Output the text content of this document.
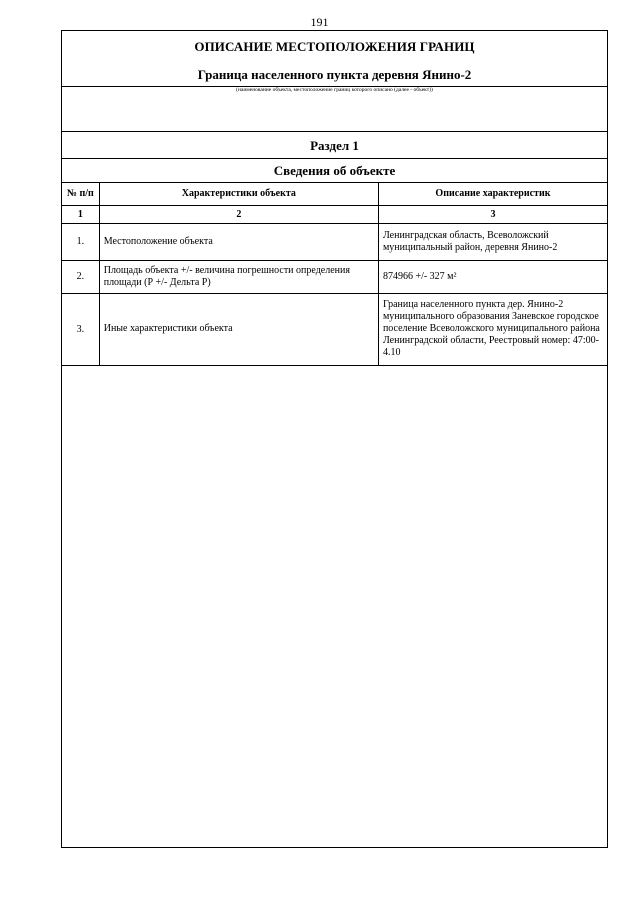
191
ОПИСАНИЕ МЕСТОПОЛОЖЕНИЯ ГРАНИЦ
Граница населенного пункта деревня Янино-2
(наименование объекта, местоположение границ которого описано (далее - объект))
Раздел 1
Сведения об объекте
№ п/п	Характеристики объекта	Описание характеристик
1	2	3
1.	Местоположение объекта	Ленинградская область, Всеволожский муниципальный район, деревня Янино-2
2.	Площадь объекта +/- величина погрешности определения площади (Р +/- Дельта Р)	874966 +/- 327 м²
3.	Иные характеристики объекта	Граница населенного пункта дер. Янино-2 муниципального образования Заневское городское поселение Всеволожского муниципального района Ленинградской области, Реестровый номер: 47:00-4.10
